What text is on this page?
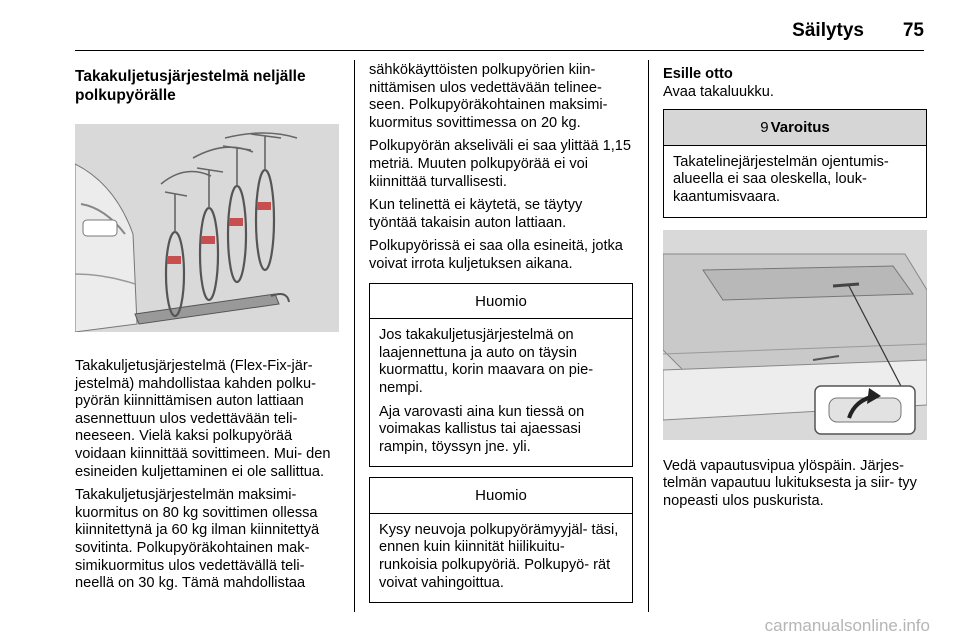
Säilytys 75
Takakuljetusjärjestelmä neljälle polkupyörälle

Takakuljetusjärjestelmä (Flex-Fix-jär- jestelmä) mahdollistaa kahden polku- pyörän kiinnittämisen auton lattiaan asennettuun ulos vedettävään teli- neeseen. Vielä kaksi polkupyörää voidaan kiinnittää sovittimeen. Mui- den esineiden kuljettaminen ei ole sallittua.

Takakuljetusjärjestelmän maksimi- kuormitus on 80 kg sovittimen ollessa kiinnitettynä ja 60 kg ilman kiinnitettyä sovitinta. Polkupyöräkohtainen mak- simikuormitus ulos vedettävällä teli- neellä on 30 kg. Tämä mahdollistaa

sähkökäyttöisten polkupyörien kiin- nittämisen ulos vedettävään telinee- seen. Polkupyöräkohtainen maksimi- kuormitus sovittimessa on 20 kg.

Polkupyörän akseliväli ei saa ylittää 1,15 metriä. Muuten polkupyörää ei voi kiinnittää turvallisesti.

Kun telinettä ei käytetä, se täytyy työntää takaisin auton lattiaan.

Polkupyörissä ei saa olla esineitä, jotka voivat irrota kuljetuksen aikana.

Huomio

Jos takakuljetusjärjestelmä on laajennettuna ja auto on täysin kuormattu, korin maavara on pie- nempi.

Aja varovasti aina kun tiessä on voimakas kallistus tai ajaessasi rampin, töyssyn jne. yli.

Huomio

Kysy neuvoja polkupyörämyyjäl- täsi, ennen kuin kiinnität hiilikuitu- runkoisia polkupyöriä. Polkupyö- rät voivat vahingoittua.

Esille otto

Avaa takaluukku.

9 Varoitus

Takatelinejärjestelmän ojentumis- alueella ei saa oleskella, louk- kaantumisvaara.

Vedä vapautusvipua ylöspäin. Järjes- telmän vapautuu lukituksesta ja siir- tyy nopeasti ulos puskurista.

carmanualsonline.info
